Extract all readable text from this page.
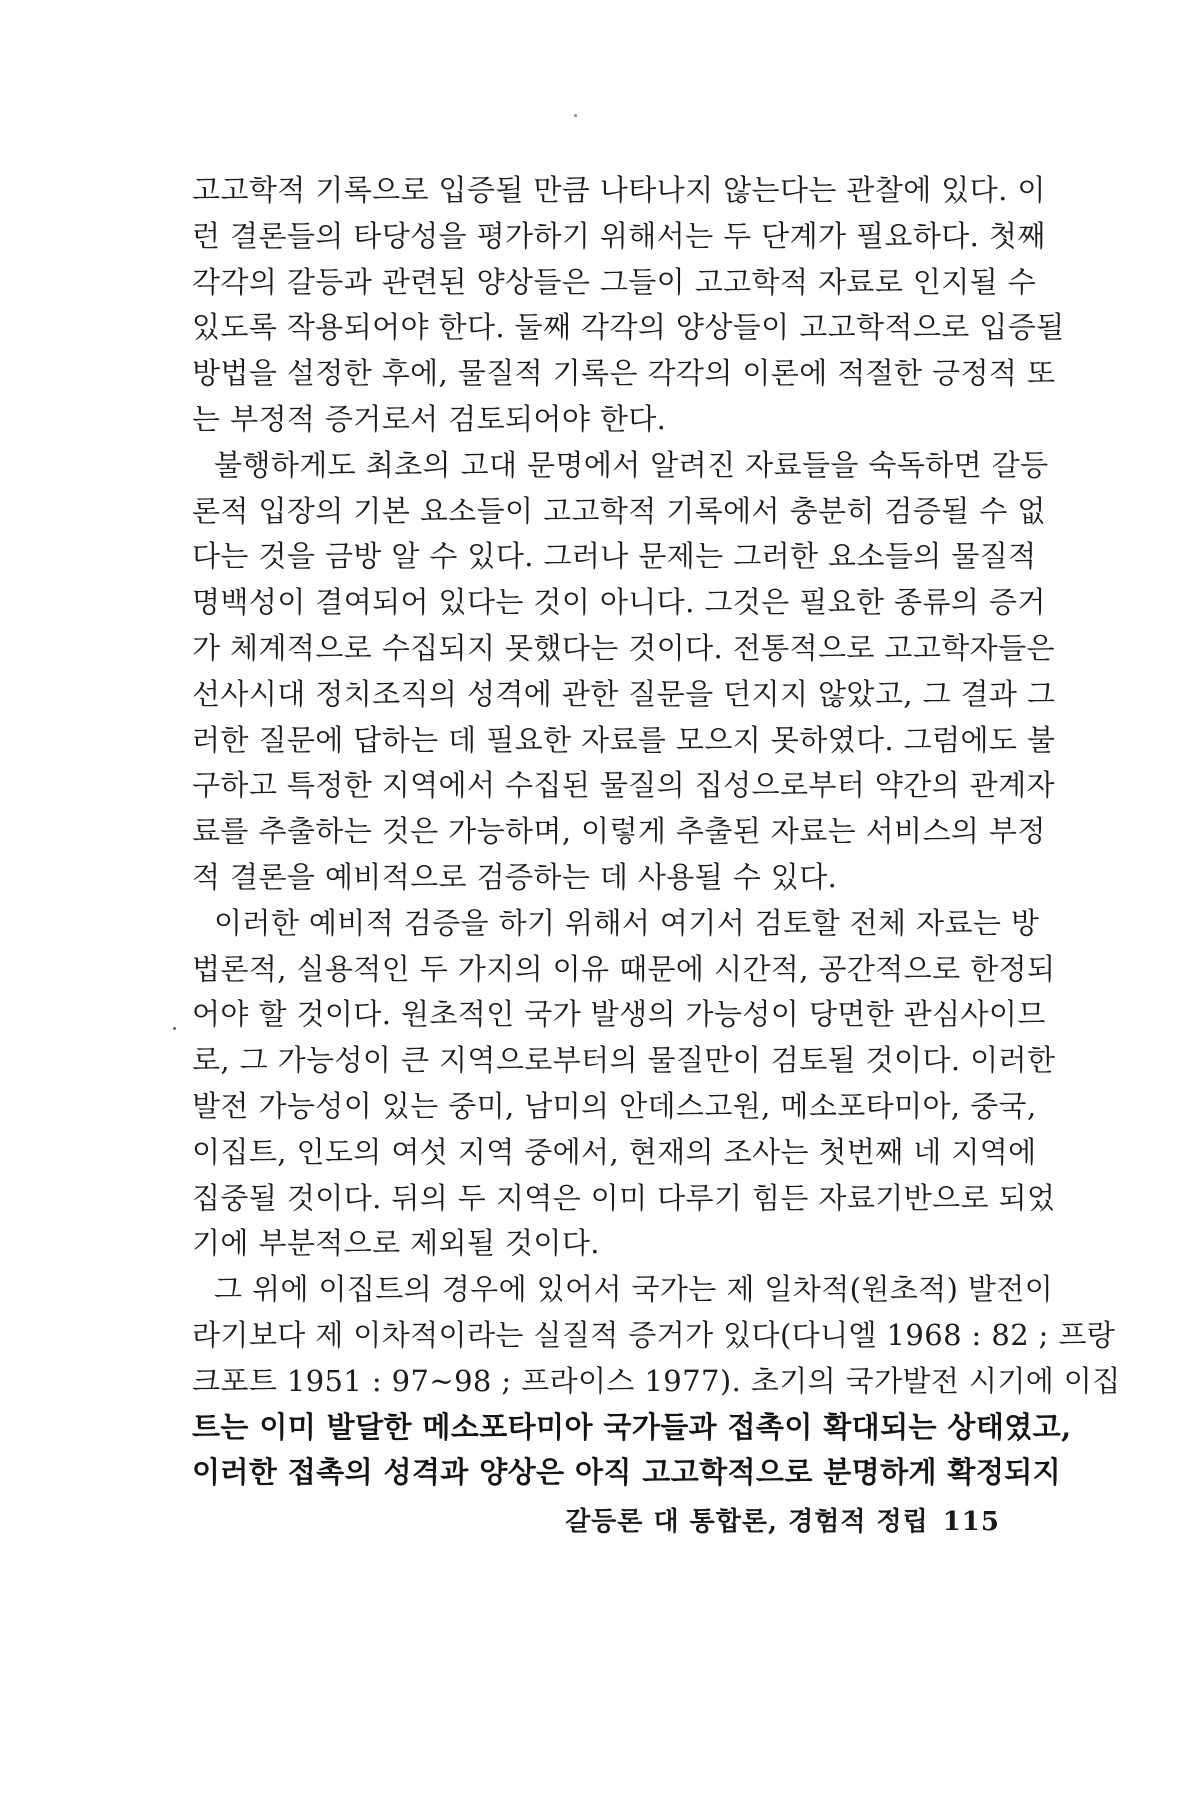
고고학적 기록으로 입증될 만큼 나타나지 않는다는 관찰에 있다. 이
런 결론들의 타당성을 평가하기 위해서는 두 단계가 필요하다. 첫째
각각의 갈등과 관련된 양상들은 그들이 고고학적 자료로 인지될 수
있도록 작용되어야 한다. 둘째 각각의 양상들이 고고학적으로 입증될
방법을 설정한 후에, 물질적 기록은 각각의 이론에 적절한 긍정적 또
는 부정적 증거로서 검토되어야 한다.
불행하게도 최초의 고대 문명에서 알려진 자료들을 숙독하면 갈등
론적 입장의 기본 요소들이 고고학적 기록에서 충분히 검증될 수 없
다는 것을 금방 알 수 있다. 그러나 문제는 그러한 요소들의 물질적
명백성이 결여되어 있다는 것이 아니다. 그것은 필요한 종류의 증거
가 체계적으로 수집되지 못했다는 것이다. 전통적으로 고고학자들은
선사시대 정치조직의 성격에 관한 질문을 던지지 않았고, 그 결과 그
러한 질문에 답하는 데 필요한 자료를 모으지 못하였다. 그럼에도 불
구하고 특정한 지역에서 수집된 물질의 집성으로부터 약간의 관계자
료를 추출하는 것은 가능하며, 이렇게 추출된 자료는 서비스의 부정
적 결론을 예비적으로 검증하는 데 사용될 수 있다.
이러한 예비적 검증을 하기 위해서 여기서 검토할 전체 자료는 방
법론적, 실용적인 두 가지의 이유 때문에 시간적, 공간적으로 한정되
어야 할 것이다. 원초적인 국가 발생의 가능성이 당면한 관심사이므
로, 그 가능성이 큰 지역으로부터의 물질만이 검토될 것이다. 이러한
발전 가능성이 있는 중미, 남미의 안데스고원, 메소포타미아, 중국,
이집트, 인도의 여섯 지역 중에서, 현재의 조사는 첫번째 네 지역에
집중될 것이다. 뒤의 두 지역은 이미 다루기 힘든 자료기반으로 되었
기에 부분적으로 제외될 것이다.
그 위에 이집트의 경우에 있어서 국가는 제 일차적(원초적) 발전이
라기보다 제 이차적이라는 실질적 증거가 있다(다니엘 1968 : 82 ; 프랑
크포트 1951 : 97~98 ; 프라이스 1977). 초기의 국가발전 시기에 이집
트는 이미 발달한 메소포타미아 국가들과 접촉이 확대되는 상태였고,
이러한 접촉의 성격과 양상은 아직 고고학적으로 분명하게 확정되지
갈등론 대 통합론, 경험적 정립 115
